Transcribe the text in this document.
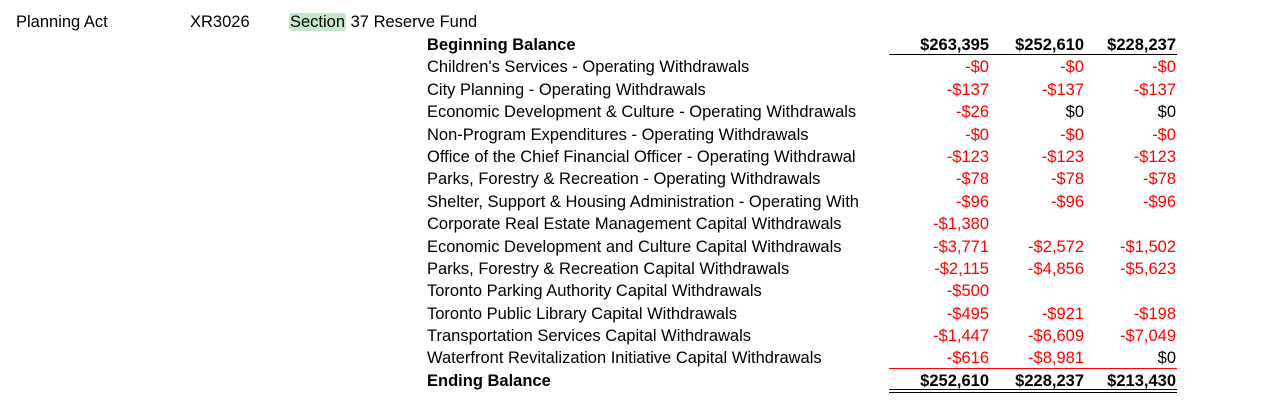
Planning Act	XR3026 Section 37 Reserve Fund
Beginning Balance	$263,395	$252,610	$228,237
Children's Services - Operating Withdrawals	-$0	-$0	-$0
City Planning - Operating Withdrawals	-$137	-$137	-$137
Economic Development & Culture - Operating Withdrawals	-$26	$0	$0
Non-Program Expenditures - Operating Withdrawals	-$0	-$0	-$0
Office of the Chief Financial Officer - Operating Withdrawal	-$123	-$123	-$123
Parks, Forestry & Recreation - Operating Withdrawals	-$78	-$78	-$78
Shelter, Support & Housing Administration - Operating With	-$96	-$96	-$96
Corporate Real Estate Management Capital Withdrawals	-$1,380
Economic Development and Culture Capital Withdrawals	-$3,771	-$2,572	-$1,502
Parks, Forestry & Recreation Capital Withdrawals	-$2,115	-$4,856	-$5,623
Toronto Parking Authority Capital Withdrawals	-$500
Toronto Public Library Capital Withdrawals	-$495	-$921	-$198
Transportation Services Capital Withdrawals	-$1,447	-$6,609	-$7,049
Waterfront Revitalization Initiative Capital Withdrawals	-$616	-$8,981	$0
Ending Balance	$252,610	$228,237	$213,430
